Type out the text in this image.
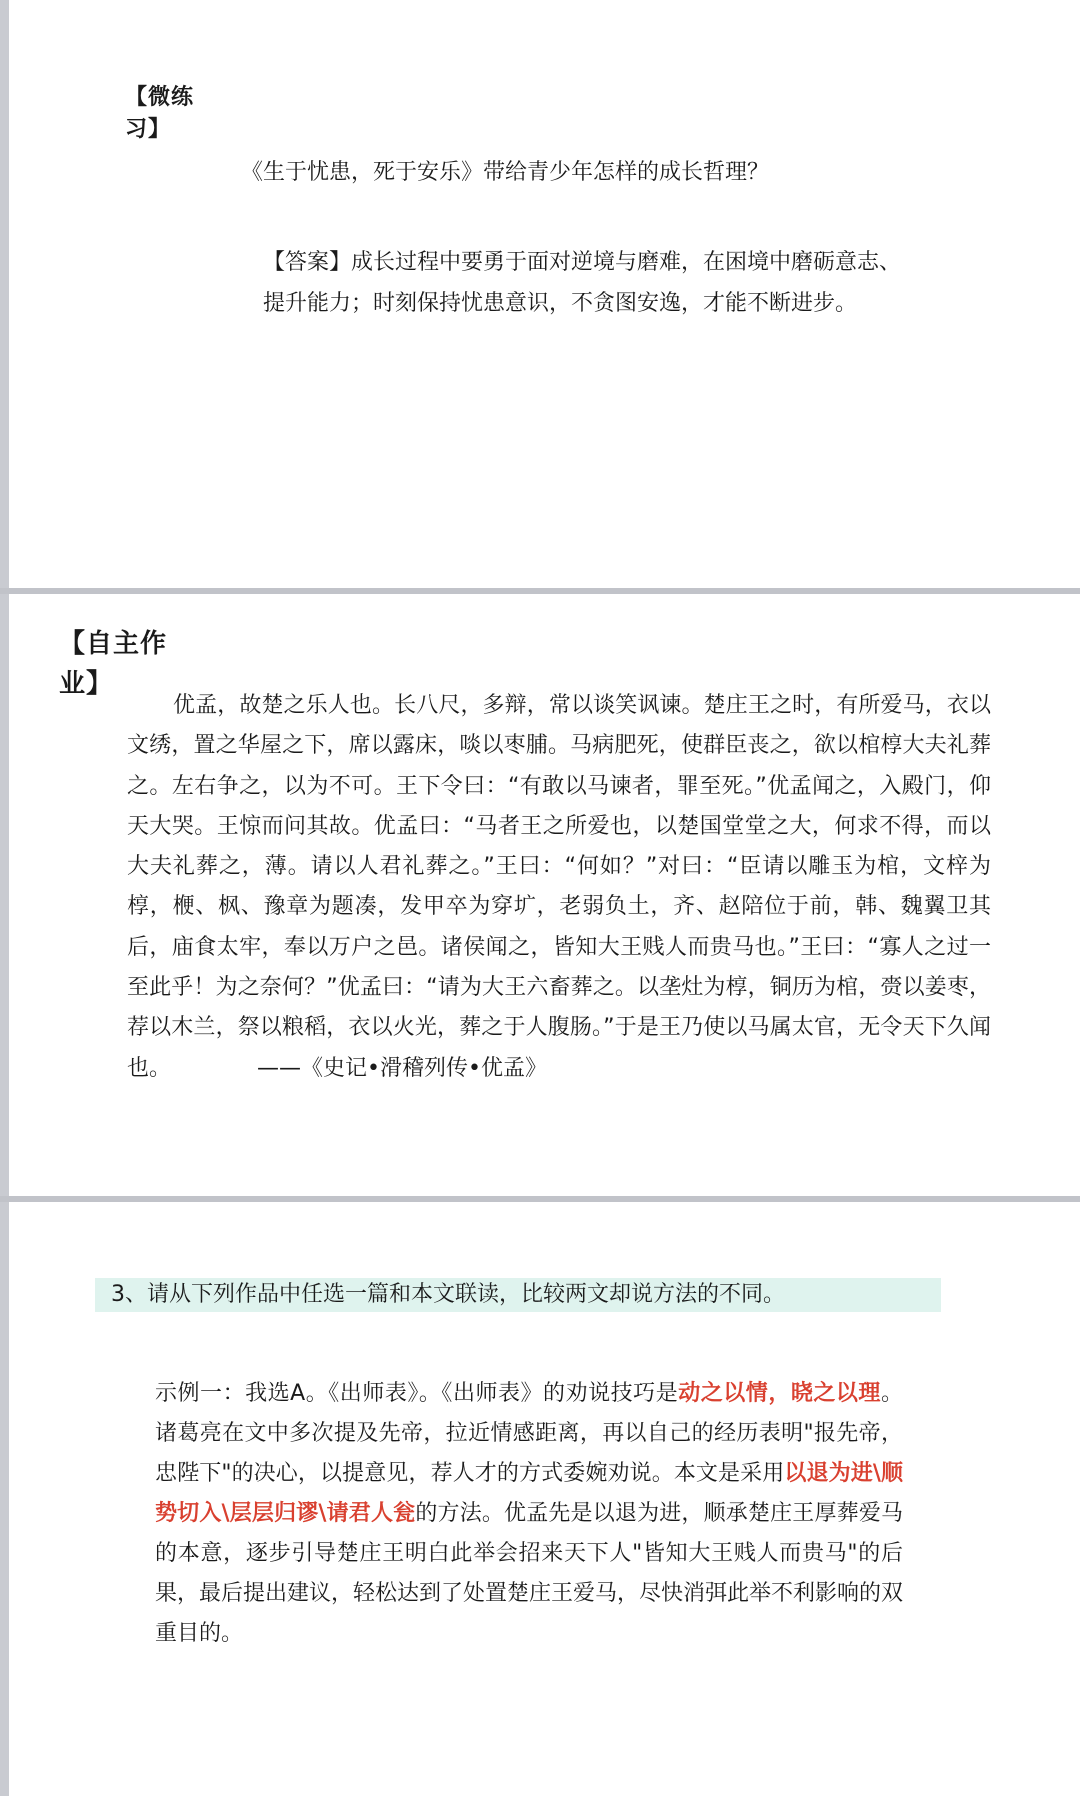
【微练习】
《生于忧患，死于安乐》带给青少年怎样的成长哲理？
【答案】成长过程中要勇于面对逆境与磨难，在困境中磨砺意志、提升能力；时刻保持忧患意识，不贪图安逸，才能不断进步。
【自主作业】
优孟，故楚之乐人也。长八尺，多辩，常以谈笑讽谏。楚庄王之时，有所爱马，衣以文绣，置之华屋之下，席以露床，啖以枣脯。马病肥死，使群臣丧之，欲以棺椁大夫礼葬之。左右争之，以为不可。王下令曰：“有敢以马谏者，罪至死。”优孟闻之，入殿门，仰天大哭。王惊而问其故。优孟曰：“马者王之所爱也，以楚国堂堂之大，何求不得，而以大夫礼葬之，薄。请以人君礼葬之。”王曰：“何如？”对曰：“臣请以雕玉为棺，文梓为椁，楩、枫、豫章为题凑，发甲卒为穿圹，老弱负土，齐、赵陪位于前，韩、魏翼卫其后，庙食太牢，奉以万户之邑。诸侯闻之，皆知大王贱人而贵马也。”王曰：“寡人之过一至此乎！为之奈何？”优孟曰：“请为大王六畜葬之。以垄灶为椁，铜历为棺，赍以姜枣，荐以木兰，祭以粮稻，衣以火光，葬之于人腹肠。”于是王乃使以马属太官，无令天下久闻也。	——《史记•滑稽列传•优孟》
3、请从下列作品中任选一篇和本文联读，比较两文却说方法的不同。
示例一：我选A。《出师表》。《出师表》的劝说技巧是动之以情，晓之以理。诸葛亮在文中多次提及先帝，拉近情感距离，再以自己的经历表明"报先帝，忠陛下"的决心，以提意见，荐人才的方式委婉劝说。本文是采用以退为进\顺势切入\层层归谬\请君人瓮的方法。优孟先是以退为进，顺承楚庄王厚葬爱马的本意，逐步引导楚庄王明白此举会招来天下人"皆知大王贱人而贵马"的后果，最后提出建议，轻松达到了处置楚庄王爱马，尽快消弭此举不利影响的双重目的。
